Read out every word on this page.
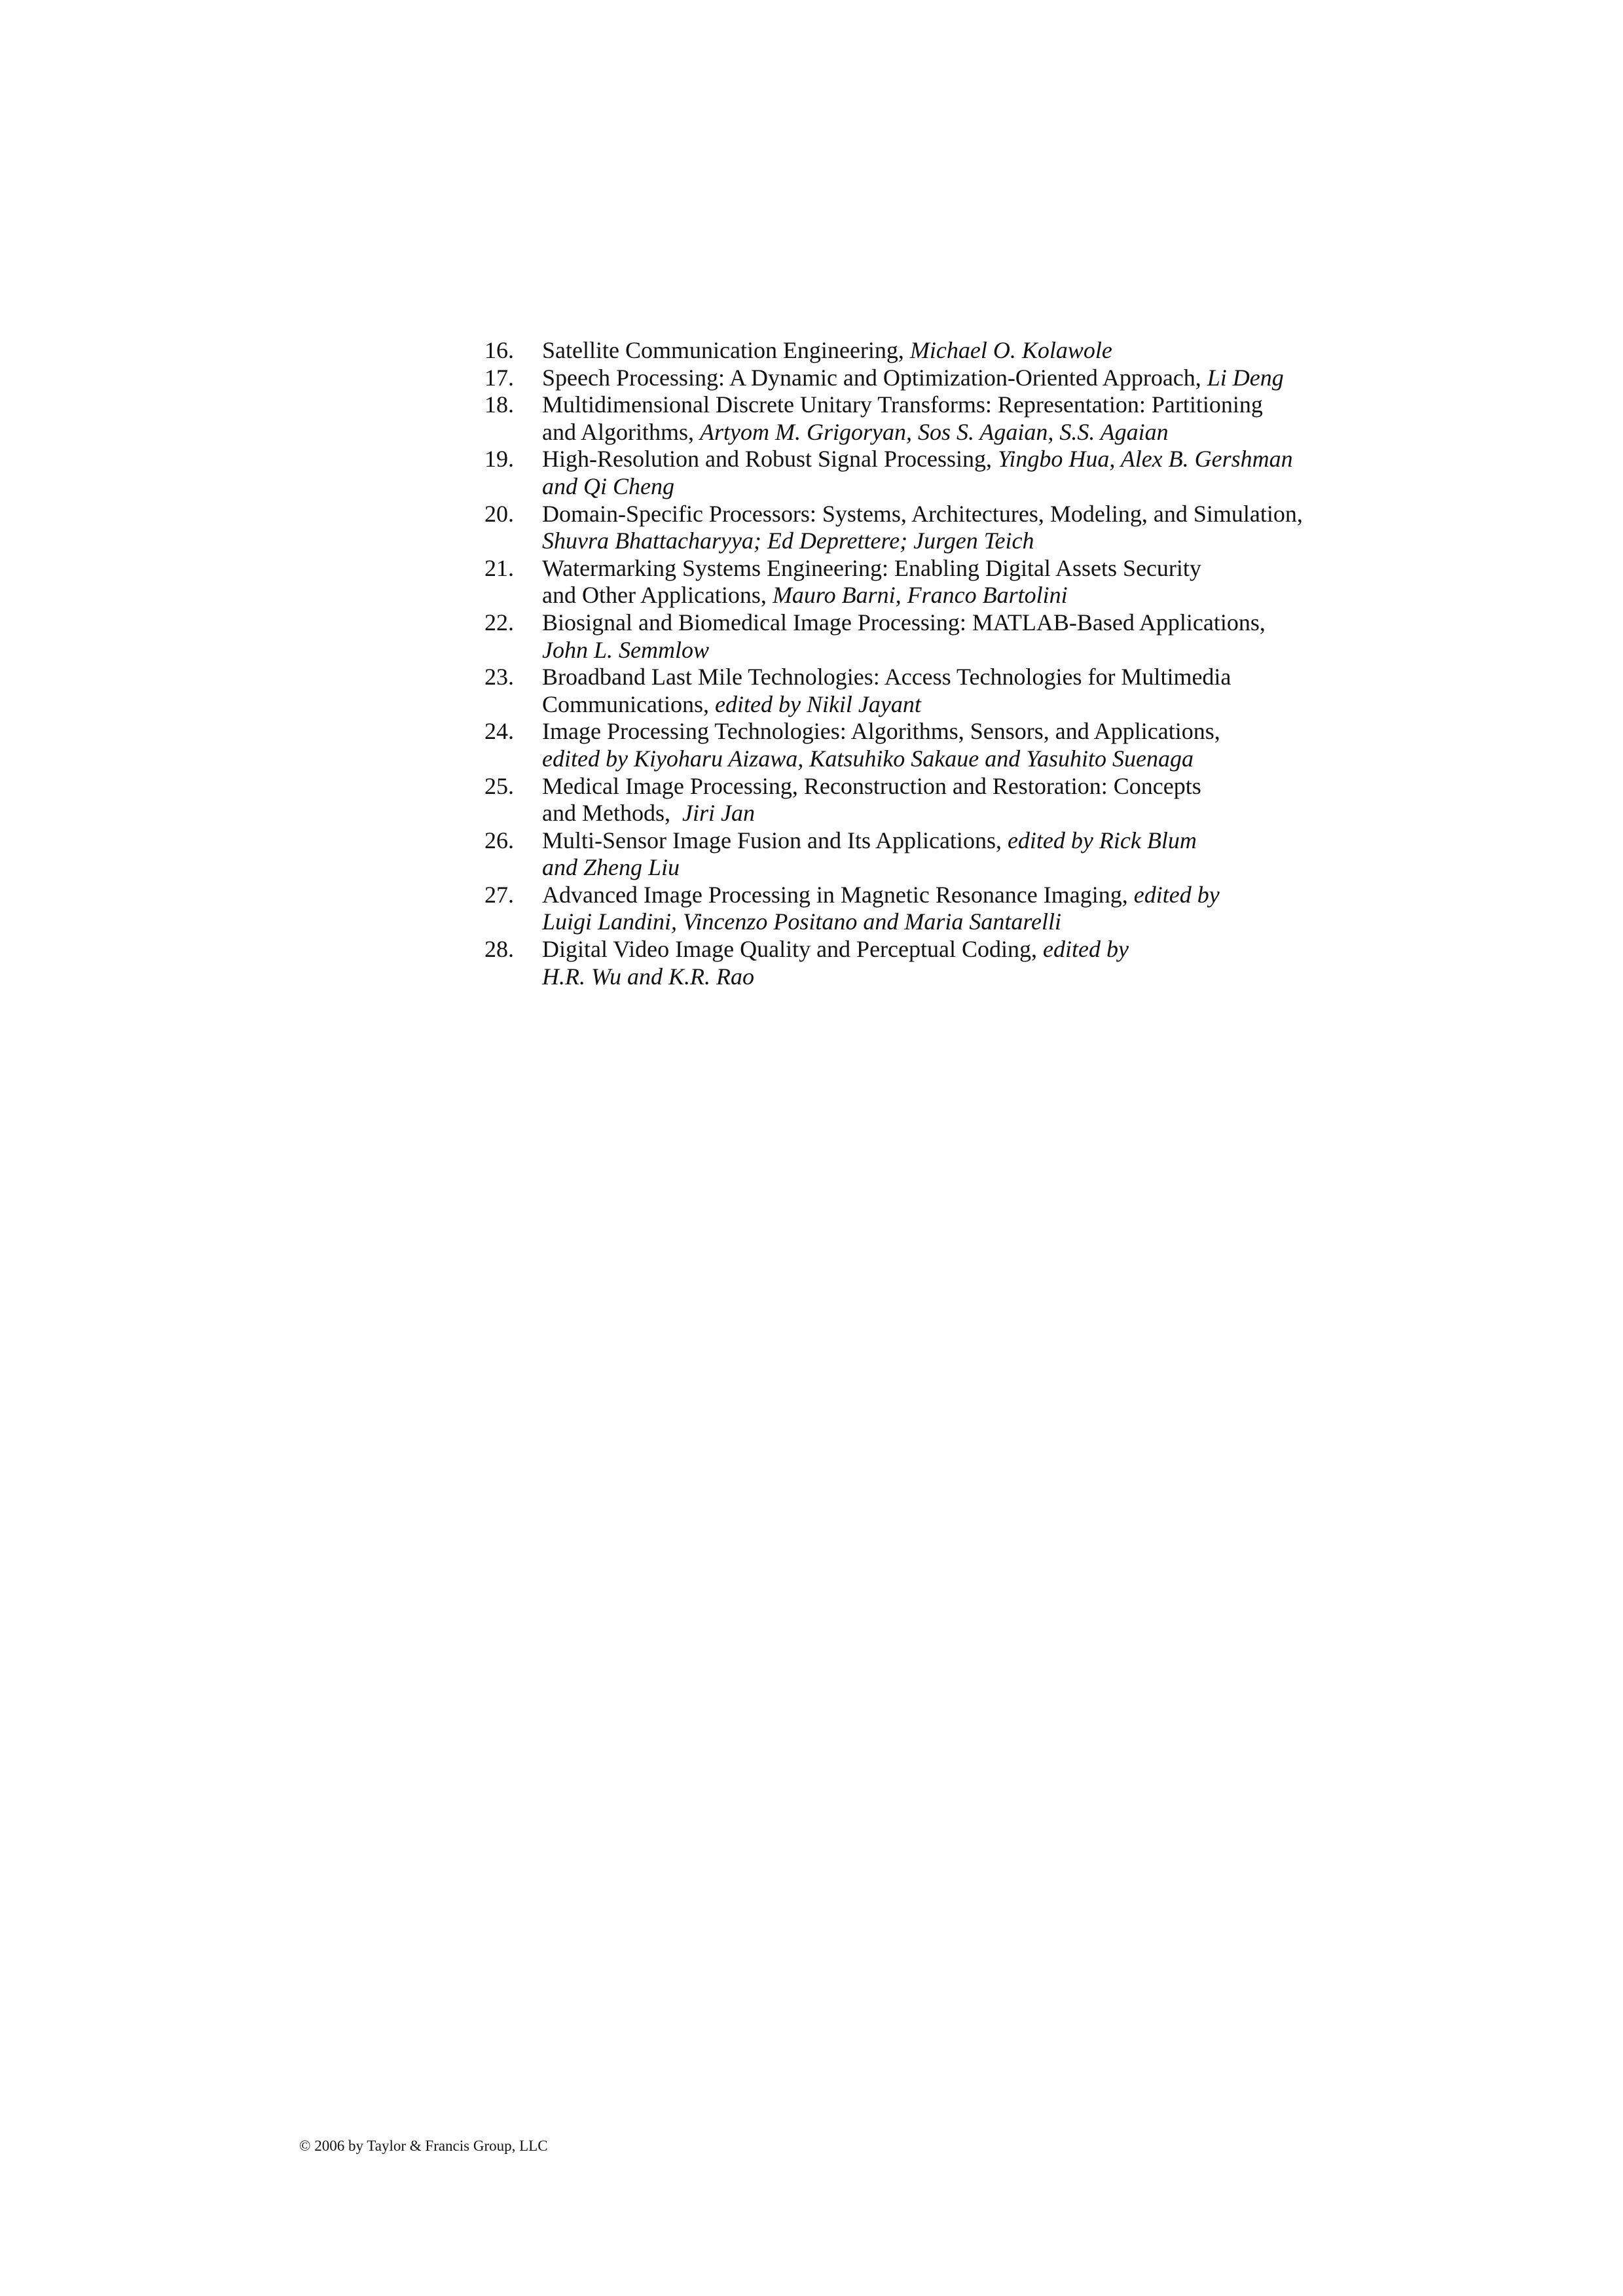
16. Satellite Communication Engineering, Michael O. Kolawole
17. Speech Processing: A Dynamic and Optimization-Oriented Approach, Li Deng
18. Multidimensional Discrete Unitary Transforms: Representation: Partitioning
and Algorithms, Artyom M. Grigoryan, Sos S. Agaian, S.S. Agaian
19. High-Resolution and Robust Signal Processing, Yingbo Hua, Alex B. Gershman
and Qi Cheng
20. Domain-Specific Processors: Systems, Architectures, Modeling, and Simulation,
Shuvra Bhattacharyya; Ed Deprettere; Jurgen Teich
21. Watermarking Systems Engineering: Enabling Digital Assets Security
and Other Applications, Mauro Barni, Franco Bartolini
22. Biosignal and Biomedical Image Processing: MATLAB-Based Applications,
John L. Semmlow
23. Broadband Last Mile Technologies: Access Technologies for Multimedia
Communications, edited by Nikil Jayant
24. Image Processing Technologies: Algorithms, Sensors, and Applications,
edited by Kiyoharu Aizawa, Katsuhiko Sakaue and Yasuhito Suenaga
25. Medical Image Processing, Reconstruction and Restoration: Concepts
and Methods,  Jiri Jan
26. Multi-Sensor Image Fusion and Its Applications, edited by Rick Blum
and Zheng Liu
27. Advanced Image Processing in Magnetic Resonance Imaging, edited by
Luigi Landini, Vincenzo Positano and Maria Santarelli
28. Digital Video Image Quality and Perceptual Coding, edited by
H.R. Wu and K.R. Rao
© 2006 by Taylor & Francis Group, LLC
